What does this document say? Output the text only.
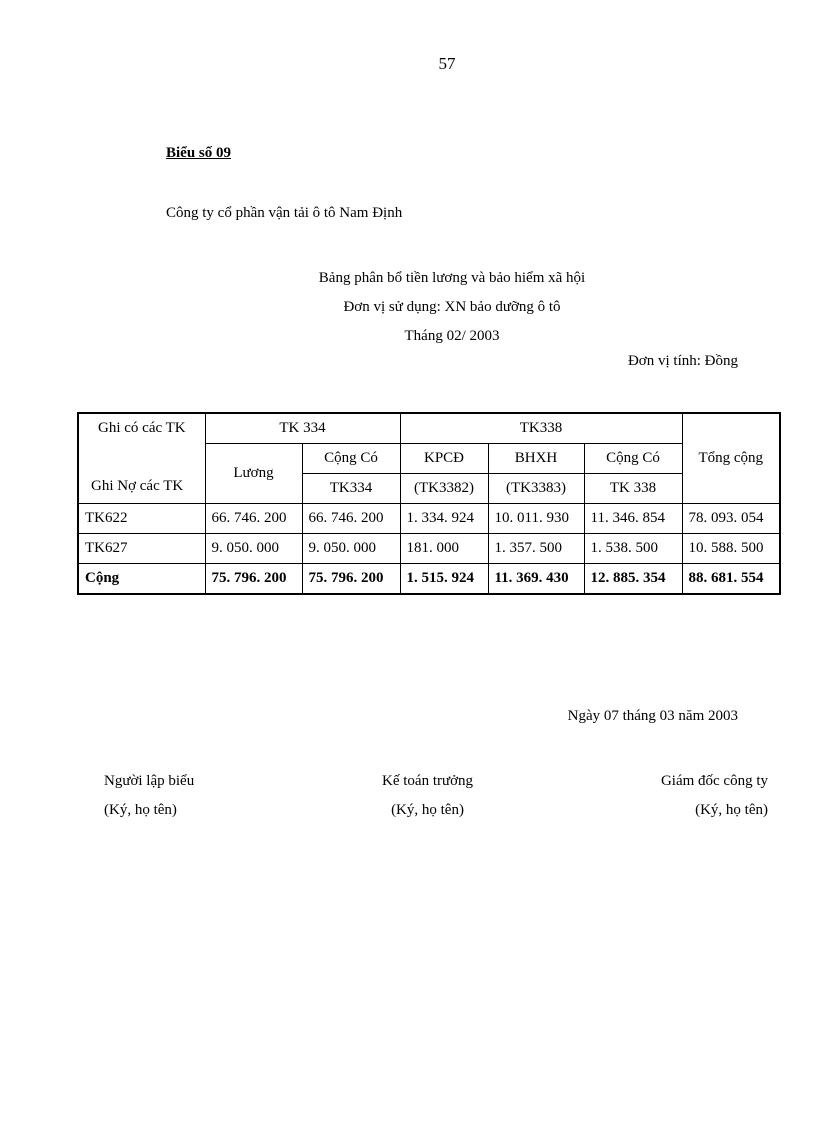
57
Biểu số 09
Công ty cổ phần vận tải ô tô Nam Định
Bảng phân bổ tiền lương và bảo hiểm xã hội
Đơn vị sử dụng: XN bảo dưỡng ô tô
Tháng 02/ 2003
Đơn vị tính: Đồng
Ghi có các TK
Ghi Nợ các TK	TK 334		TK338			Tổng cộng
	Lương	Cộng Có	KPCĐ	BHXH	Cộng Có	
		TK334	(TK3382)	(TK3383)	TK 338	
TK622	66. 746. 200	66. 746. 200	1. 334. 924	10. 011. 930	11. 346. 854	78. 093. 054
TK627	9. 050. 000	9. 050. 000	181. 000	1. 357. 500	1. 538. 500	10. 588. 500
Cộng	75. 796. 200	75. 796. 200	1. 515. 924	11. 369. 430	12. 885. 354	88. 681. 554
Ngày 07 tháng 03 năm 2003
Người lập biểu
(Ký, họ tên)
Kế toán trưởng
(Ký, họ tên)
Giám đốc công ty
(Ký, họ tên)
